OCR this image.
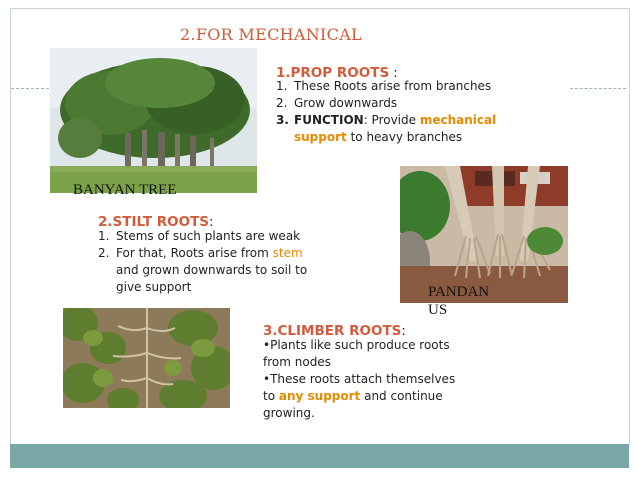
2.FOR MECHANICAL
BANYAN TREE
1.PROP ROOTS :
1. These Roots arise from branches
2. Grow downwards
3. FUNCTION: Provide mechanical
support to heavy branches
2.STILT ROOTS:
1. Stems of such plants are weak
2. For that, Roots arise from stem
and grown downwards to soil to
give support	PANDAN
US
3.CLIMBER ROOTS:
•Plants like such produce roots
from nodes
•These roots attach themselves
to any support and continue
growing.
